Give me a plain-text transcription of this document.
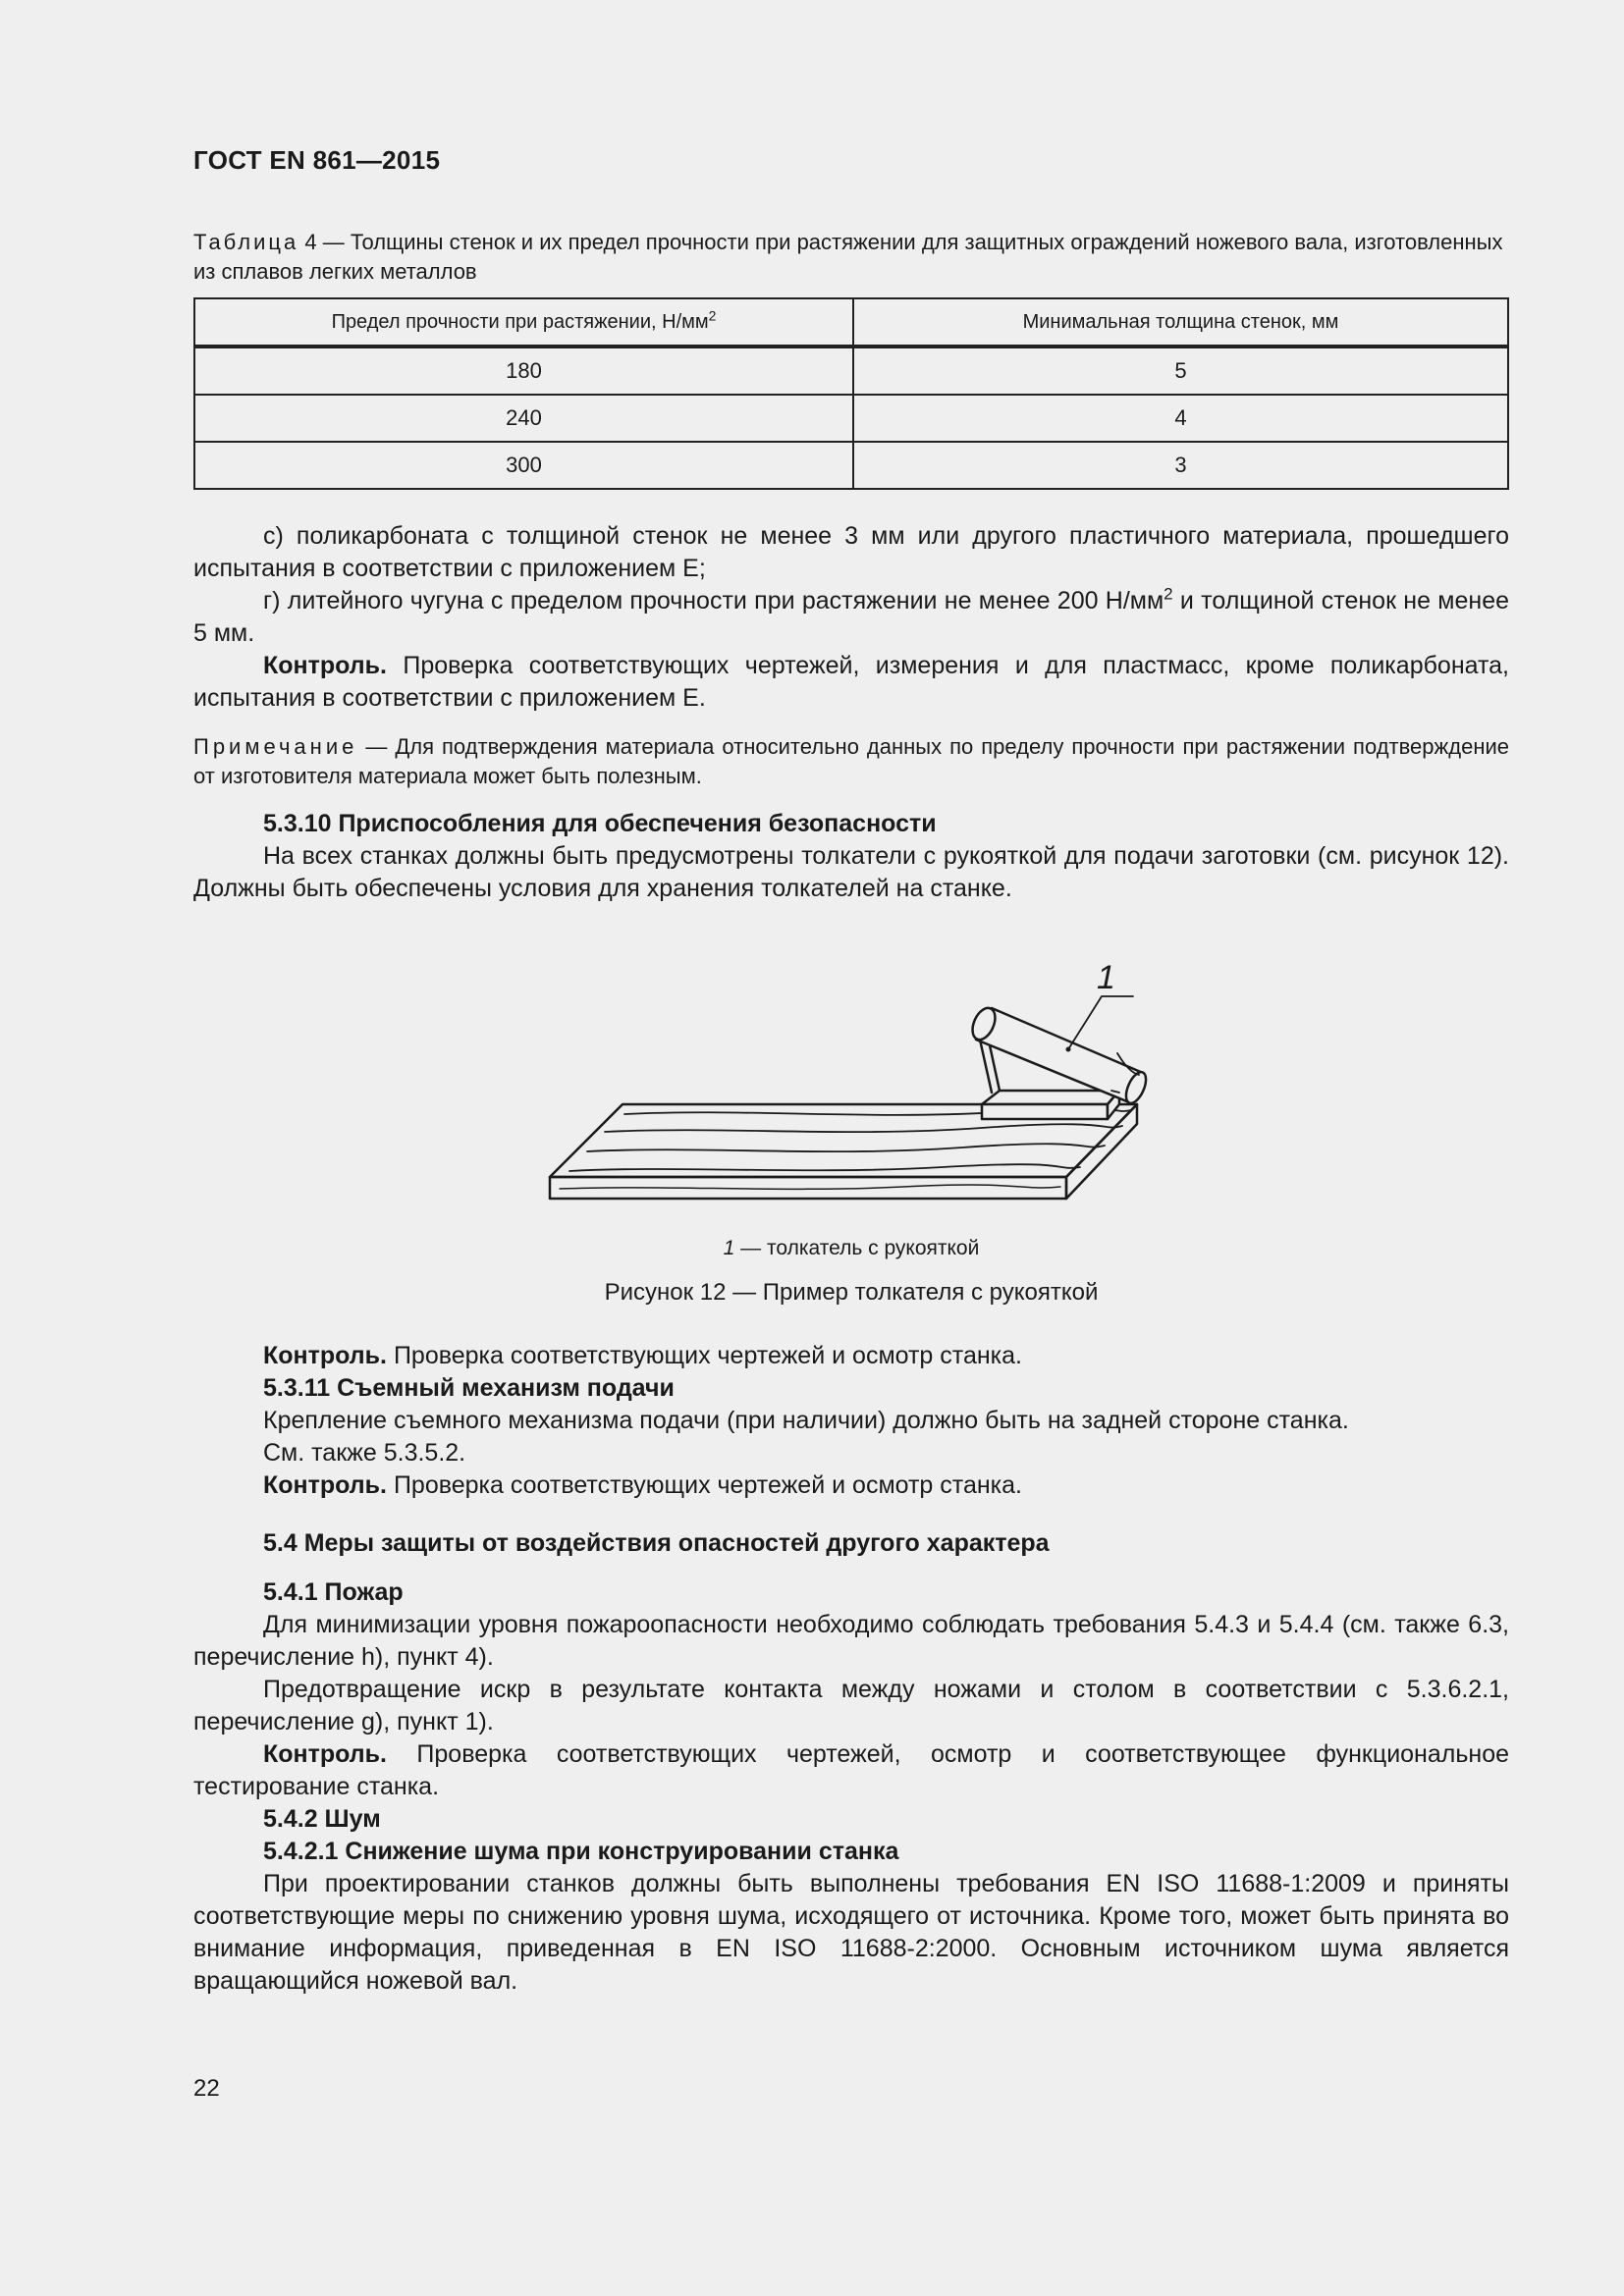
ГОСТ EN 861—2015
Таблица 4 — Толщины стенок и их предел прочности при растяжении для защитных ограждений ножевого вала, изготовленных из сплавов легких металлов
Предел прочности при растяжении, $Н/мм^2$	Минимальная толщина стенок, мм
180	5
240	4
300	3

с) поликарбоната с толщиной стенок не менее 3 мм или другого пластичного материала, прошедшего испытания в соответствии с приложением Е;

г) литейного чугуна с пределом прочности при растяжении не менее 200 $Н/мм^2$ и толщиной стенок не менее 5 мм.

Контроль. Проверка соответствующих чертежей, измерения и для пластмасс, кроме поликарбоната, испытания в соответствии с приложением Е.

Примечание — Для подтверждения материала относительно данных по пределу прочности при растяжении подтверждение от изготовителя материала может быть полезным.

5.3.10 Приспособления для обеспечения безопасности

На всех станках должны быть предусмотрены толкатели с рукояткой для подачи заготовки (см. рисунок 12). Должны быть обеспечены условия для хранения толкателей на станке.

1
1 — толкатель с рукояткой
Рисунок 12 — Пример толкателя с рукояткой

Контроль. Проверка соответствующих чертежей и осмотр станка.

5.3.11 Съемный механизм подачи

Крепление съемного механизма подачи (при наличии) должно быть на задней стороне станка.

См. также 5.3.5.2.

Контроль. Проверка соответствующих чертежей и осмотр станка.

5.4 Меры защиты от воздействия опасностей другого характера

5.4.1 Пожар

Для минимизации уровня пожароопасности необходимо соблюдать требования 5.4.3 и 5.4.4 (см. также 6.3, перечисление h), пункт 4).

Предотвращение искр в результате контакта между ножами и столом в соответствии с 5.3.6.2.1, перечисление g), пункт 1).

Контроль. Проверка соответствующих чертежей, осмотр и соответствующее функциональное тестирование станка.

5.4.2 Шум

5.4.2.1 Снижение шума при конструировании станка

При проектировании станков должны быть выполнены требования EN ISO 11688-1:2009 и приняты соответствующие меры по снижению уровня шума, исходящего от источника. Кроме того, может быть принята во внимание информация, приведенная в EN ISO 11688-2:2000. Основным источником шума является вращающийся ножевой вал.

22
